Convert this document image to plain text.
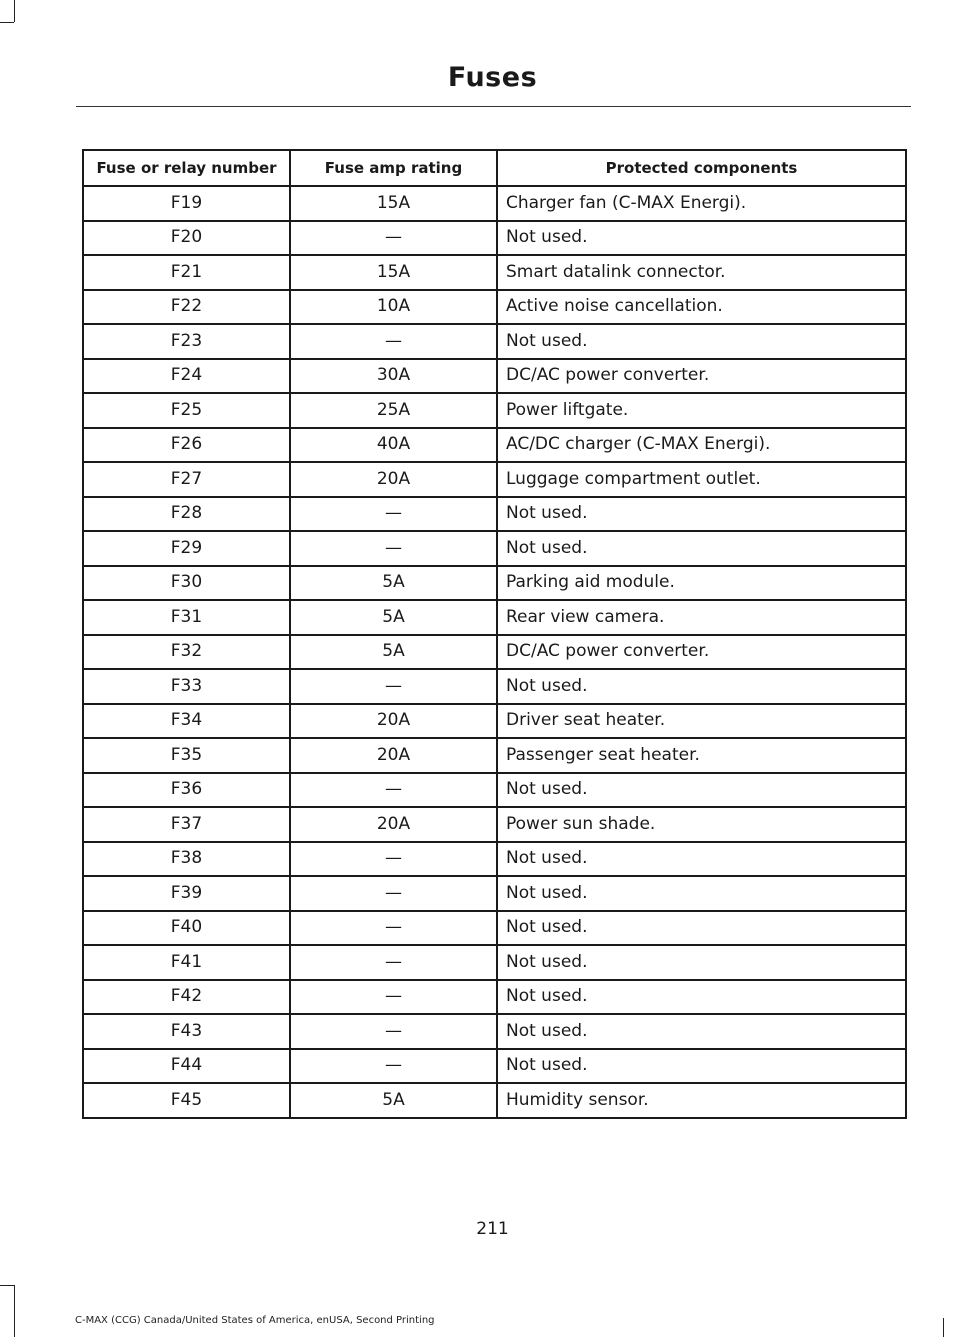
Fuses
Fuse or relay number	Fuse amp rating	Protected components
F19	15A	Charger fan (C-MAX Energi).
F20	—	Not used.
F21	15A	Smart datalink connector.
F22	10A	Active noise cancellation.
F23	—	Not used.
F24	30A	DC/AC power converter.
F25	25A	Power liftgate.
F26	40A	AC/DC charger (C-MAX Energi).
F27	20A	Luggage compartment outlet.
F28	—	Not used.
F29	—	Not used.
F30	5A	Parking aid module.
F31	5A	Rear view camera.
F32	5A	DC/AC power converter.
F33	—	Not used.
F34	20A	Driver seat heater.
F35	20A	Passenger seat heater.
F36	—	Not used.
F37	20A	Power sun shade.
F38	—	Not used.
F39	—	Not used.
F40	—	Not used.
F41	—	Not used.
F42	—	Not used.
F43	—	Not used.
F44	—	Not used.
F45	5A	Humidity sensor.
211
C-MAX (CCG) Canada/United States of America, enUSA, Second Printing
